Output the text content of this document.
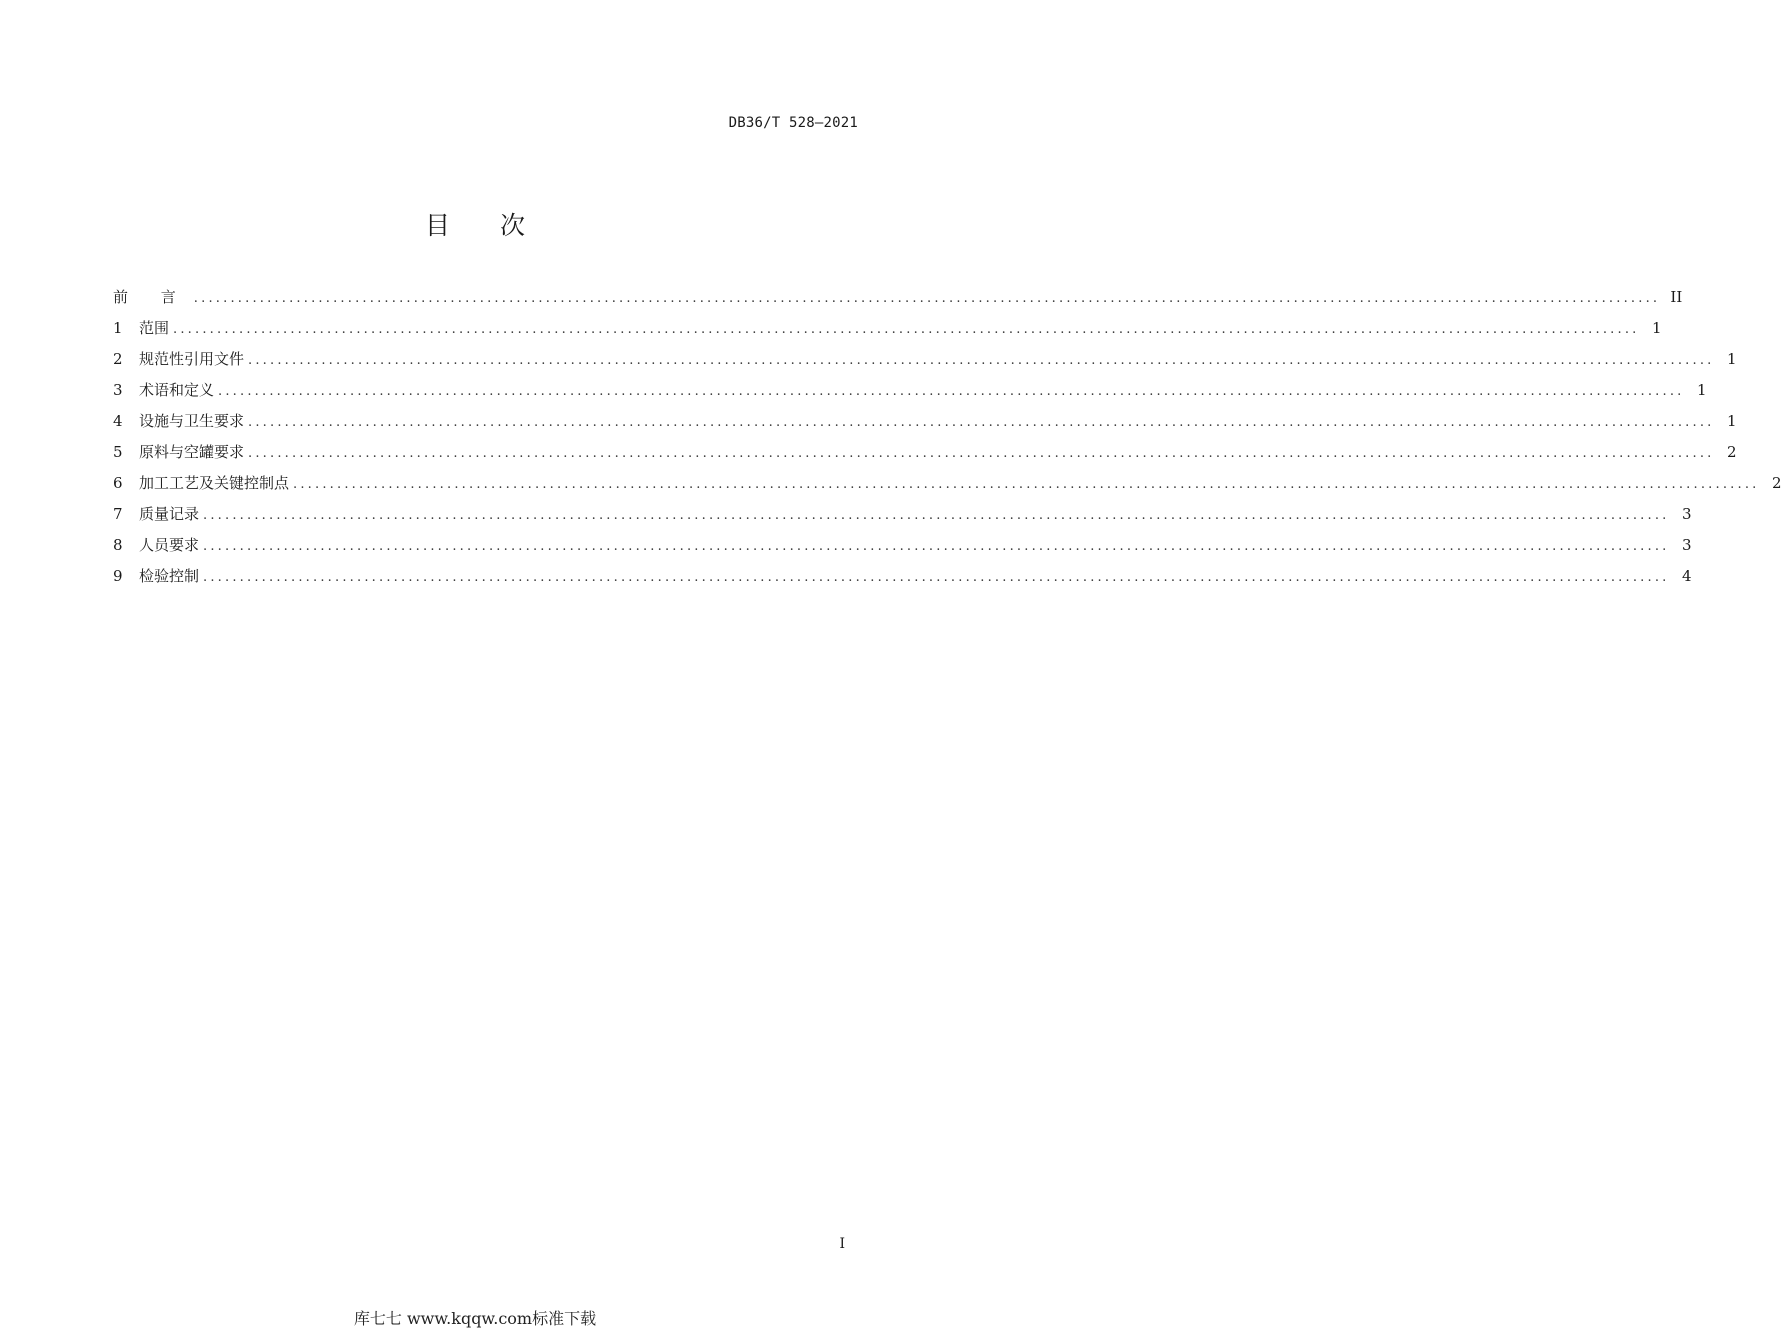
DB36/T 528—2021
目 次
前 言 ........................................................................................................................................................................................................ II
1	范围 ........................................................................................................................................................................................................ 1
2	规范性引用文件 ........................................................................................................................................................................................................ 1
3	术语和定义 ........................................................................................................................................................................................................ 1
4	设施与卫生要求 ........................................................................................................................................................................................................ 1
5	原料与空罐要求 ........................................................................................................................................................................................................ 2
6	加工工艺及关键控制点 ........................................................................................................................................................................................................ 2
7	质量记录 ........................................................................................................................................................................................................ 3
8	人员要求 ........................................................................................................................................................................................................ 3
9	检验控制 ........................................................................................................................................................................................................ 4
I
库七七 www.kqqw.com标准下载
